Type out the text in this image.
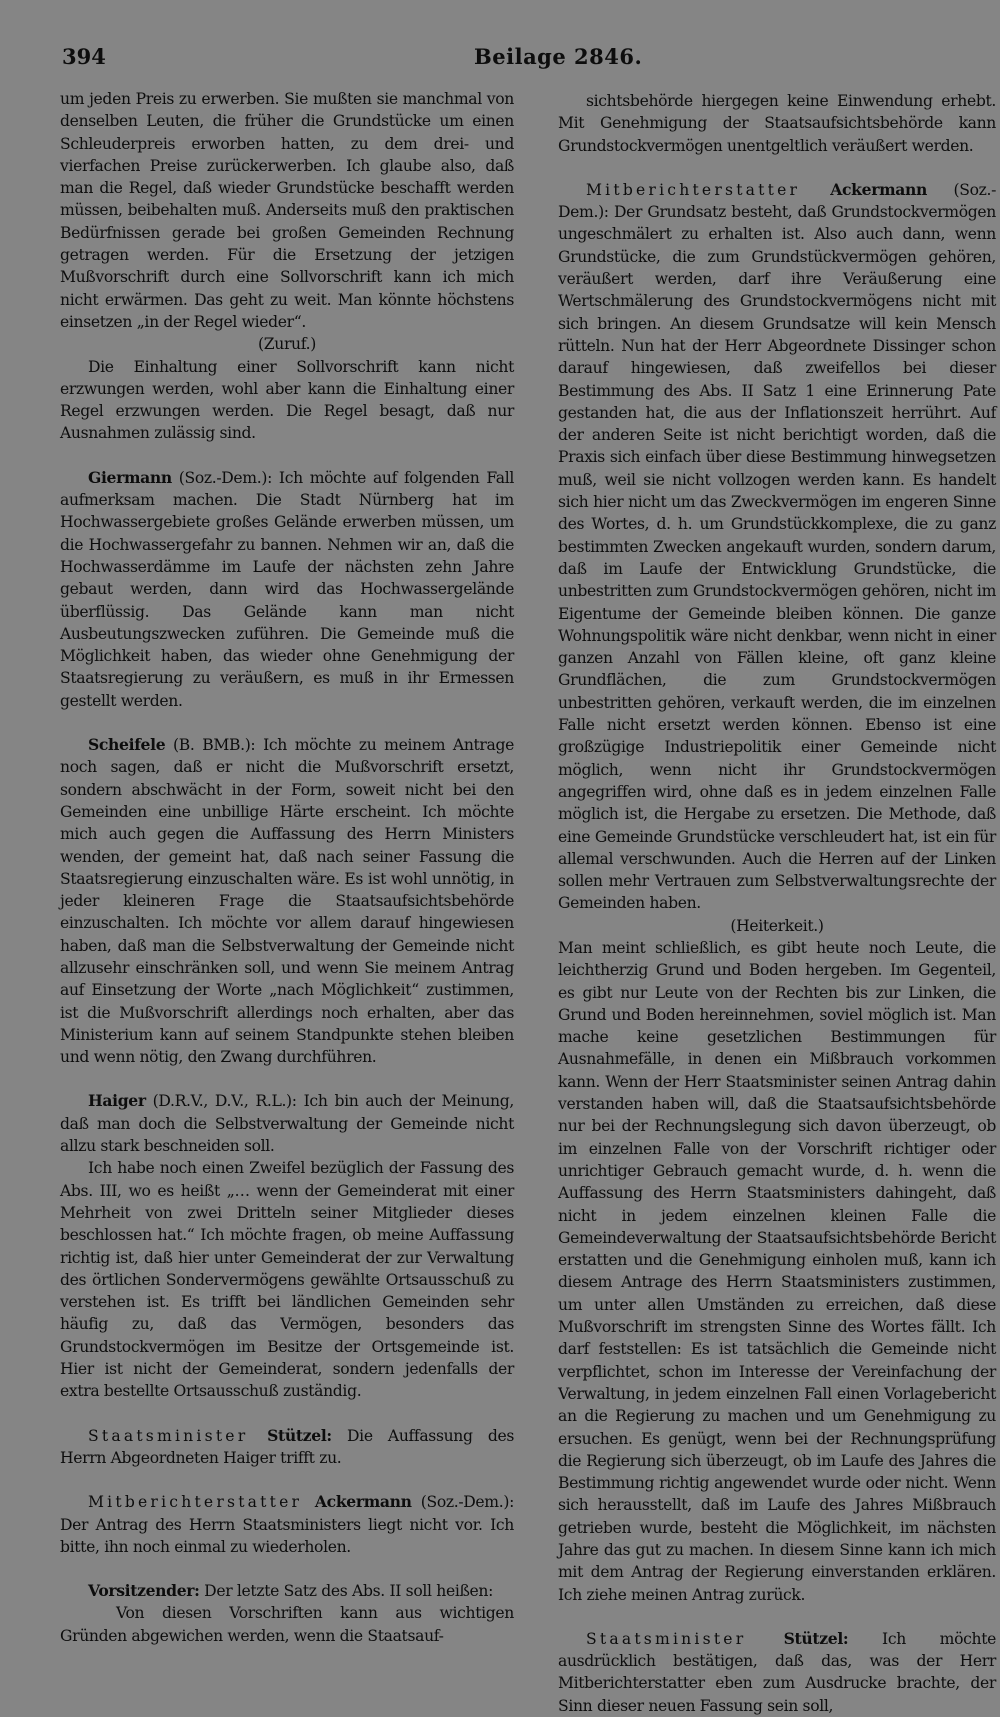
394	Beilage 2846.

um jeden Preis zu erwerben. Sie mußten sie manchmal von denselben Leuten, die früher die Grundstücke um einen Schleuderpreis erworben hatten, zu dem drei- und vierfachen Preise zurückerwerben. Ich glaube also, daß man die Regel, daß wieder Grundstücke beschafft werden müssen, beibehalten muß. Anderseits muß den praktischen Bedürfnissen gerade bei großen Gemeinden Rechnung getragen werden. Für die Ersetzung der jetzigen Mußvorschrift durch eine Sollvorschrift kann ich mich nicht erwärmen. Das geht zu weit. Man könnte höchstens einsetzen „in der Regel wieder“.

(Zuruf.)

Die Einhaltung einer Sollvorschrift kann nicht erzwungen werden, wohl aber kann die Einhaltung einer Regel erzwungen werden. Die Regel besagt, daß nur Ausnahmen zulässig sind.

Giermann (Soz.-Dem.): Ich möchte auf folgenden Fall aufmerksam machen. Die Stadt Nürnberg hat im Hochwassergebiete großes Gelände erwerben müssen, um die Hochwassergefahr zu bannen. Nehmen wir an, daß die Hochwasserdämme im Laufe der nächsten zehn Jahre gebaut werden, dann wird das Hochwassergelände überflüssig. Das Gelände kann man nicht Ausbeutungszwecken zuführen. Die Gemeinde muß die Möglichkeit haben, das wieder ohne Genehmigung der Staatsregierung zu veräußern, es muß in ihr Ermessen gestellt werden.

Scheifele (B. BMB.): Ich möchte zu meinem Antrage noch sagen, daß er nicht die Mußvorschrift ersetzt, sondern abschwächt in der Form, soweit nicht bei den Gemeinden eine unbillige Härte erscheint. Ich möchte mich auch gegen die Auffassung des Herrn Ministers wenden, der gemeint hat, daß nach seiner Fassung die Staatsregierung einzuschalten wäre. Es ist wohl unnötig, in jeder kleineren Frage die Staatsaufsichtsbehörde einzuschalten. Ich möchte vor allem darauf hingewiesen haben, daß man die Selbstverwaltung der Gemeinde nicht allzusehr einschränken soll, und wenn Sie meinem Antrag auf Einsetzung der Worte „nach Möglichkeit“ zustimmen, ist die Mußvorschrift allerdings noch erhalten, aber das Ministerium kann auf seinem Standpunkte stehen bleiben und wenn nötig, den Zwang durchführen.

Haiger (D.R.V., D.V., R.L.): Ich bin auch der Meinung, daß man doch die Selbstverwaltung der Gemeinde nicht allzu stark beschneiden soll.

Ich habe noch einen Zweifel bezüglich der Fassung des Abs. III, wo es heißt „… wenn der Gemeinderat mit einer Mehrheit von zwei Dritteln seiner Mitglieder dieses beschlossen hat.“ Ich möchte fragen, ob meine Auffassung richtig ist, daß hier unter Gemeinderat der zur Verwaltung des örtlichen Sondervermögens gewählte Ortsausschuß zu verstehen ist. Es trifft bei ländlichen Gemeinden sehr häufig zu, daß das Vermögen, besonders das Grundstockvermögen im Besitze der Ortsgemeinde ist. Hier ist nicht der Gemeinderat, sondern jedenfalls der extra bestellte Ortsausschuß zuständig.

Staatsminister Stützel: Die Auffassung des Herrn Abgeordneten Haiger trifft zu.

Mitberichterstatter Ackermann (Soz.-Dem.): Der Antrag des Herrn Staatsministers liegt nicht vor. Ich bitte, ihn noch einmal zu wiederholen.

Vorsitzender: Der letzte Satz des Abs. II soll heißen:

Von diesen Vorschriften kann aus wichtigen Gründen abgewichen werden, wenn die Staatsauf-

sichtsbehörde hiergegen keine Einwendung erhebt. Mit Genehmigung der Staatsaufsichtsbehörde kann Grundstockvermögen unentgeltlich veräußert werden.

Mitberichterstatter Ackermann (Soz.-Dem.): Der Grundsatz besteht, daß Grundstockvermögen ungeschmälert zu erhalten ist. Also auch dann, wenn Grundstücke, die zum Grundstückvermögen gehören, veräußert werden, darf ihre Veräußerung eine Wertschmälerung des Grundstockvermögens nicht mit sich bringen. An diesem Grundsatze will kein Mensch rütteln. Nun hat der Herr Abgeordnete Dissinger schon darauf hingewiesen, daß zweifellos bei dieser Bestimmung des Abs. II Satz 1 eine Erinnerung Pate gestanden hat, die aus der Inflationszeit herrührt. Auf der anderen Seite ist nicht berichtigt worden, daß die Praxis sich einfach über diese Bestimmung hinwegsetzen muß, weil sie nicht vollzogen werden kann. Es handelt sich hier nicht um das Zweckvermögen im engeren Sinne des Wortes, d. h. um Grundstückkomplexe, die zu ganz bestimmten Zwecken angekauft wurden, sondern darum, daß im Laufe der Entwicklung Grundstücke, die unbestritten zum Grundstockvermögen gehören, nicht im Eigentume der Gemeinde bleiben können. Die ganze Wohnungspolitik wäre nicht denkbar, wenn nicht in einer ganzen Anzahl von Fällen kleine, oft ganz kleine Grundflächen, die zum Grundstockvermögen unbestritten gehören, verkauft werden, die im einzelnen Falle nicht ersetzt werden können. Ebenso ist eine großzügige Industriepolitik einer Gemeinde nicht möglich, wenn nicht ihr Grundstockvermögen angegriffen wird, ohne daß es in jedem einzelnen Falle möglich ist, die Hergabe zu ersetzen. Die Methode, daß eine Gemeinde Grundstücke verschleudert hat, ist ein für allemal verschwunden. Auch die Herren auf der Linken sollen mehr Vertrauen zum Selbstverwaltungsrechte der Gemeinden haben.

(Heiterkeit.)

Man meint schließlich, es gibt heute noch Leute, die leichtherzig Grund und Boden hergeben. Im Gegenteil, es gibt nur Leute von der Rechten bis zur Linken, die Grund und Boden hereinnehmen, soviel möglich ist. Man mache keine gesetzlichen Bestimmungen für Ausnahmefälle, in denen ein Mißbrauch vorkommen kann. Wenn der Herr Staatsminister seinen Antrag dahin verstanden haben will, daß die Staatsaufsichtsbehörde nur bei der Rechnungslegung sich davon überzeugt, ob im einzelnen Falle von der Vorschrift richtiger oder unrichtiger Gebrauch gemacht wurde, d. h. wenn die Auffassung des Herrn Staatsministers dahingeht, daß nicht in jedem einzelnen kleinen Falle die Gemeindeverwaltung der Staatsaufsichtsbehörde Bericht erstatten und die Genehmigung einholen muß, kann ich diesem Antrage des Herrn Staatsministers zustimmen, um unter allen Umständen zu erreichen, daß diese Mußvorschrift im strengsten Sinne des Wortes fällt. Ich darf feststellen: Es ist tatsächlich die Gemeinde nicht verpflichtet, schon im Interesse der Vereinfachung der Verwaltung, in jedem einzelnen Fall einen Vorlagebericht an die Regierung zu machen und um Genehmigung zu ersuchen. Es genügt, wenn bei der Rechnungsprüfung die Regierung sich überzeugt, ob im Laufe des Jahres die Bestimmung richtig angewendet wurde oder nicht. Wenn sich herausstellt, daß im Laufe des Jahres Mißbrauch getrieben wurde, besteht die Möglichkeit, im nächsten Jahre das gut zu machen. In diesem Sinne kann ich mich mit dem Antrag der Regierung einverstanden erklären. Ich ziehe meinen Antrag zurück.

Staatsminister Stützel: Ich möchte ausdrücklich bestätigen, daß das, was der Herr Mitberichterstatter eben zum Ausdrucke brachte, der Sinn dieser neuen Fassung sein soll,
